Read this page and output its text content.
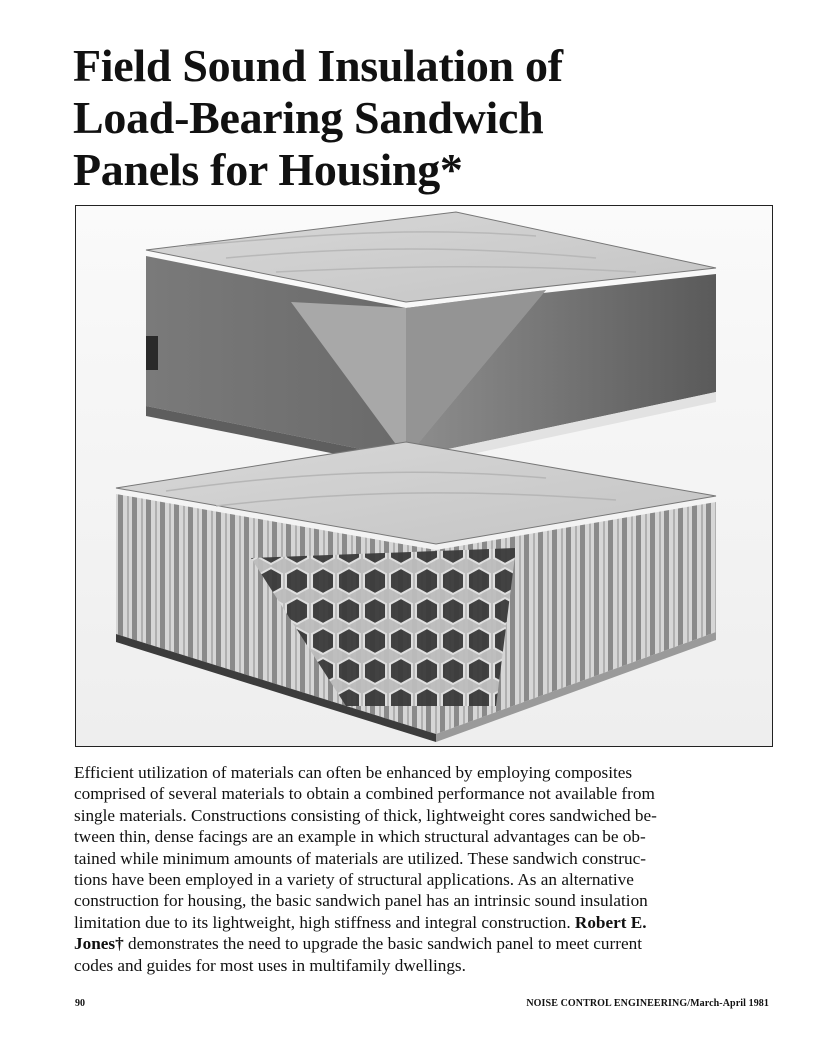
Field Sound Insulation of
Load-Bearing Sandwich
Panels for Housing*

Efficient utilization of materials can often be enhanced by employing composites
comprised of several materials to obtain a combined performance not available from
single materials. Constructions consisting of thick, lightweight cores sandwiched be-
tween thin, dense facings are an example in which structural advantages can be ob-
tained while minimum amounts of materials are utilized. These sandwich construc-
tions have been employed in a variety of structural applications. As an alternative
construction for housing, the basic sandwich panel has an intrinsic sound insulation
limitation due to its lightweight, high stiffness and integral construction. Robert E.
Jones† demonstrates the need to upgrade the basic sandwich panel to meet current
codes and guides for most uses in multifamily dwellings.

90	NOISE CONTROL ENGINEERING/March-April 1981
